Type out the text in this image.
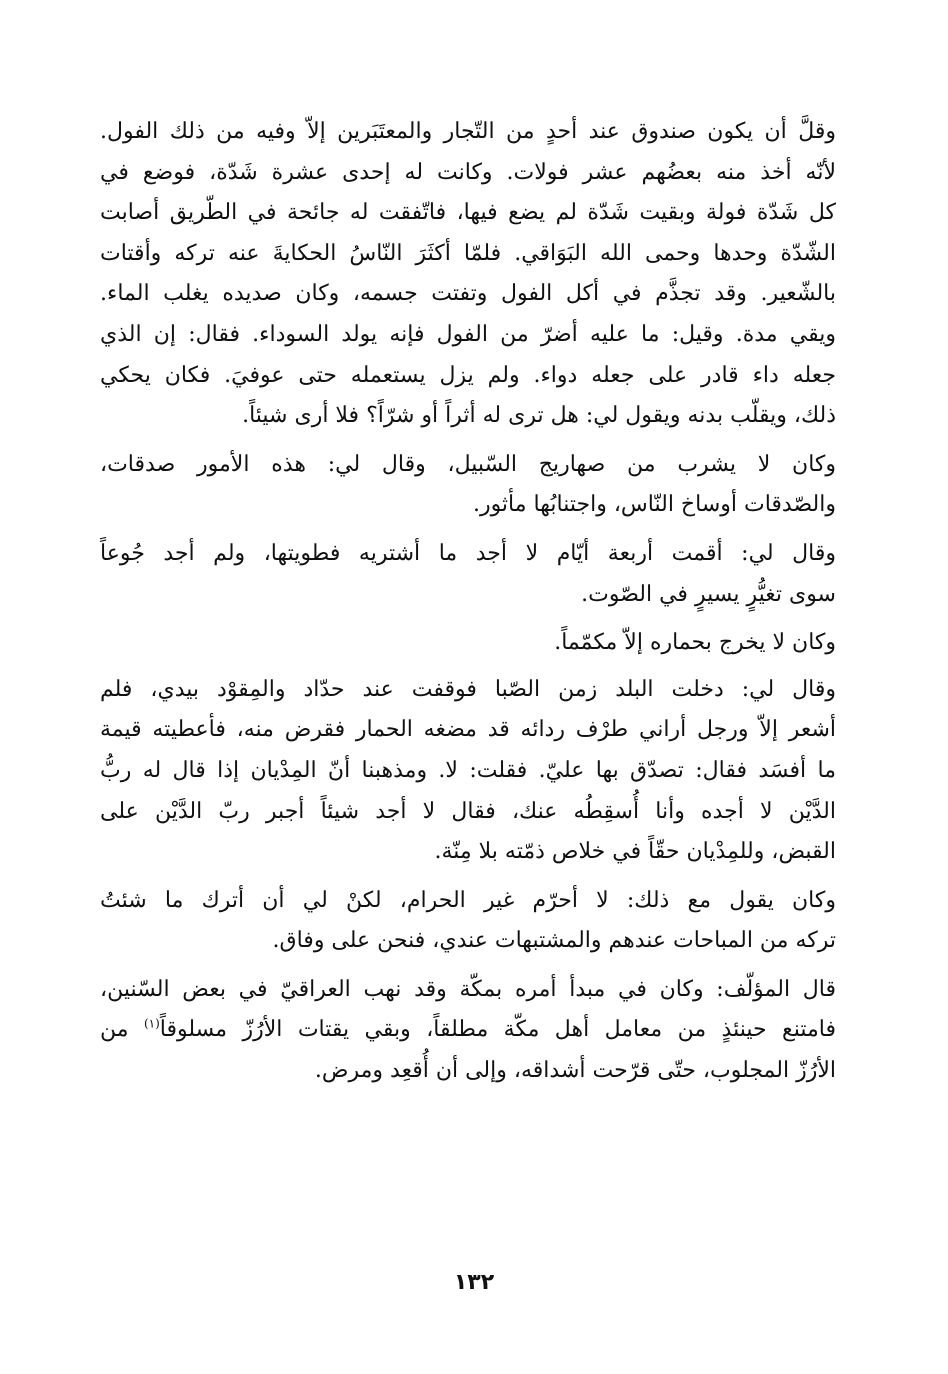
وقلَّ أن يكون صندوق عند أحدٍ من التّجار والمعتَبَرين إلاّ وفيه من ذلك الفول.
لأنّه أخذ منه بعضُهم عشر فولات. وكانت له إحدى عشرة شَدّة، فوضع في
كل شَدّة فولة وبقيت شَدّة لم يضع فيها، فاتّفقت له جائحة في الطّريق أصابت
الشّدّة وحدها وحمى الله البَوَاقي. فلمّا أكثَرَ النّاسُ الحكايةَ عنه تركه وأقتات
بالشّعير. وقد تجذَّم في أكل الفول وتفتت جسمه، وكان صديده يغلب الماء.
ويقي مدة. وقيل: ما عليه أضرّ من الفول فإنه يولد السوداء. فقال: إن الذي
جعله داء قادر على جعله دواء. ولم يزل يستعمله حتى عوفيَ. فكان يحكي
ذلك، ويقلّب بدنه ويقول لي: هل ترى له أثراً أو شرّاً؟ فلا أرى شيئاً.

وكان لا يشرب من صهاريج السّبيل، وقال لي: هذه الأمور صدقات،
والصّدقات أوساخ النّاس، واجتنابُها مأثور.

وقال لي: أقمت أربعة أيّام لا أجد ما أشتريه فطويتها، ولم أجد جُوعاً
سوى تغيُّرٍ يسيرٍ في الصّوت.

وكان لا يخرج بحماره إلاّ مكمّماً.

وقال لي: دخلت البلد زمن الصّبا فوقفت عند حدّاد والمِقوْد بيدي، فلم
أشعر إلاّ ورجل أراني طرْف ردائه قد مضغه الحمار فقرض منه، فأعطيته قيمة
ما أفسَد فقال: تصدّق بها عليّ. فقلت: لا. ومذهبنا أنّ المِدْيان إذا قال له ربُّ
الدَّيْن لا أجده وأنا أُسقِطُه عنك، فقال لا أجد شيئاً أجبر ربّ الدَّيْن على
القبض، وللمِدْيان حقّاً في خلاص ذمّته بلا مِنّة.

وكان يقول مع ذلك: لا أحرّم غير الحرام، لكنْ لي أن أترك ما شئتُ
تركه من المباحات عندهم والمشتبهات عندي، فنحن على وفاق.

قال المؤلّف: وكان في مبدأ أمره بمكّة وقد نهب العراقيّ في بعض السّنين،
فامتنع حينئذٍ من معامل أهل مكّة مطلقاً، وبقي يقتات الأرُزّ مسلوقاً$^{(١)}$ من
الأرُزّ المجلوب، حتّى قرّحت أشداقه، وإلى أن أُقعِد ومرض.

١٣٢
